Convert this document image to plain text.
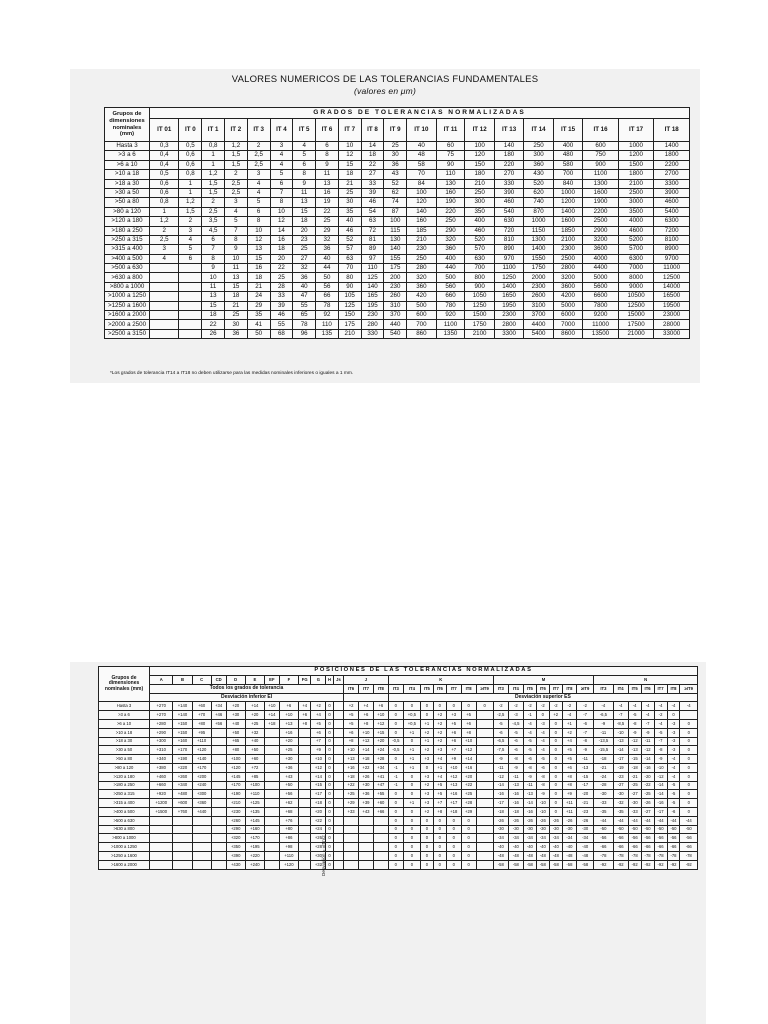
VALORES NUMERICOS DE LAS TOLERANCIAS FUNDAMENTALES
(valores en μm)
Grupos de dimensiones nominales (mm)	GRADOS DE TOLERANCIAS NORMALIZADAS																			
	IT 01	IT 0	IT 1	IT 2	IT 3	IT 4	IT 5	IT 6	IT 7	IT 8	IT 9	IT 10	IT 11	IT 12	IT 13	IT 14	IT 15	IT 16	IT 17	IT 18
Hasta 3	0,3	0,5	0,8	1,2	2	3	4	6	10	14	25	40	60	100	140	250	400	600	1000	1400
>3 a 6	0,4	0,6	1	1,5	2,5	4	5	8	12	18	30	48	75	120	180	300	480	750	1200	1800
>6 a 10	0,4	0,6	1	1,5	2,5	4	6	9	15	22	36	58	90	150	220	360	580	900	1500	2200
>10 a 18	0,5	0,8	1,2	2	3	5	8	11	18	27	43	70	110	180	270	430	700	1100	1800	2700
>18 a 30	0,6	1	1,5	2,5	4	6	9	13	21	33	52	84	130	210	330	520	840	1300	2100	3300
>30 a 50	0,6	1	1,5	2,5	4	7	11	16	25	39	62	100	160	250	390	620	1000	1600	2500	3900
>50 a 80	0,8	1,2	2	3	5	8	13	19	30	46	74	120	190	300	460	740	1200	1900	3000	4600
>80 a 120	1	1,5	2,5	4	6	10	15	22	35	54	87	140	220	350	540	870	1400	2200	3500	5400
>120 a 180	1,2	2	3,5	5	8	12	18	25	40	63	100	160	250	400	630	1000	1600	2500	4000	6300
>180 a 250	2	3	4,5	7	10	14	20	29	46	72	115	185	290	460	720	1150	1850	2900	4600	7200
>250 a 315	2,5	4	6	8	12	16	23	32	52	81	130	210	320	520	810	1300	2100	3200	5200	8100
>315 a 400	3	5	7	9	13	18	25	36	57	89	140	230	360	570	890	1400	2300	3600	5700	8900
>400 a 500	4	6	8	10	15	20	27	40	63	97	155	250	400	630	970	1550	2500	4000	6300	9700
>500 a 630			9	11	16	22	32	44	70	110	175	280	440	700	1100	1750	2800	4400	7000	11000
>630 a 800			10	13	18	25	36	50	80	125	200	320	500	800	1250	2000	3200	5000	8000	12500
>800 a 1000			11	15	21	28	40	56	90	140	230	360	560	900	1400	2300	3600	5600	9000	14000
>1000 a 1250			13	18	24	33	47	66	105	165	260	420	660	1050	1650	2600	4200	6600	10500	16500
>1250 a 1600			15	21	29	39	55	78	125	195	310	500	780	1250	1950	3100	5000	7800	12500	19500
>1600 a 2000			18	25	35	46	65	92	150	230	370	600	920	1500	2300	3700	6000	9200	15000	23000
>2000 a 2500			22	30	41	55	78	110	175	280	440	700	1100	1750	2800	4400	7000	11000	17500	28000
>2500 a 3150			26	36	50	68	96	135	210	330	540	860	1350	2100	3300	5400	8600	13500	21000	33000
*Los grados de tolerancia IT14 a IT18 no deben utilizarse para las medidas nominales inferiores o iguales a 1 mm.
Grupos de dimensiones nominales (mm)	POSICIONES DE LAS TOLERANCIAS NORMALIZADAS																																			
	A	B	C	CD	D	E	EF	F	FG	G	H	Js	J			K							M							N						
	Todos los grados de tolerancia												IT6	IT7	IT8	IT3	IT4	IT5	IT6	IT7	IT8	≥IT9	IT3	IT4	IT5	IT6	IT7	IT8	≥IT9	IT3	IT4	IT5	IT6	IT7	IT8	≥IT9
	Desviación inferior EI															Desviación superior ES																				
Hasta 3	+270	+140	+60	+34	+20	+14	+10	+6	+4	+2	0		+2	+4	+6	0	0	0	0	0	0	0	-2	-2	-2	-2	-2	-2	-2	-4	-4	-4	-4	-4	-4	-4
>3 a 6	+270	+140	+70	+46	+30	+20	+14	+10	+6	+4	0		+5	+6	+10	0	+0,5	0	+2	+3	+5		-2,5	-3	-1	0	+2	-4	-7	-6,5	-7	-5	-4	-2	0	
>6 a 10	+280	+150	+80	+56	+40	+25	+18	+13	+8	+5	0		+5	+8	+12	0	+0,5	+1	+2	+5	+6		-5	-4,5	-4	-3	0	+1	-6	-9	-8,5	-8	-7	-4	-3	0
>10 a 18	+290	+150	+95		+50	+32		+16		+6	0		+6	+10	+15	0	+1	+2	+2	+6	+8		-6	-5	-4	-4	0	+2	-7	-11	-10	-9	-9	-5	-3	0
>18 a 30	+300	+160	+110		+65	+40		+20		+7	0		+8	+12	+20	-0,5	0	+1	+2	+6	+10		-6,5	-6	-5	-4	0	+4	-8	-13,5	-13	-12	-11	-7	-3	0
>30 a 50	+310	+170	+120		+80	+50		+25		+9	0		+10	+14	+24	-0,5	+1	+2	+3	+7	+12		-7,5	-6	-5	-4	0	+5	-9	-15,5	-14	-13	-12	-8	-3	0
>50 a 80	+340	+190	+140		+100	+60		+30		+10	0		+13	+18	+28	0	+1	+3	+4	+9	+14		-9	-8	-6	-5	0	+5	-11	-18	-17	-15	-14	-9	-4	0
>80 a 120	+380	+220	+170		+120	+72		+36		+12	0		+16	+22	+34	-1	+1	0	+1	+10	+16		-11	-9	-8	-6	0	+6	-13	-21	-19	-18	-16	-10	-4	0
>120 a 180	+460	+260	+200		+145	+85		+43		+14	0		+18	+26	+41	-1	0	+3	+4	+12	+20		-12	-11	-9	-8	0	+8	-15	-24	-23	-21	-20	-12	-4	0
>180 a 250	+660	+340	+240		+170	+100		+50		+15	0		+22	+30	+47	-1	0	+2	+5	+13	+22		-14	-13	-11	-8	0	+8	-17	-28	-27	-25	-22	-14	-5	0
>250 a 315	+920	+480	+300		+190	+110		+56		+17	0		+25	+36	+55	0	0	+3	+5	+16	+25		-16	-16	-13	-9	0	+9	-20	-30	-30	-27	-25	-14	-5	0
>315 a 400	+1200	+600	+360		+210	+125		+62		+18	0		+29	+39	+60	0	+1	+3	+7	+17	+28		-17	-16	-14	-10	0	+11	-21	-33	-32	-30	-26	-16	-5	0
>400 a 500	+1500	+760	+440		+230	+135		+68		+20	0		+33	+43	+66	0	0	+2	+8	+18	+29		-18	-18	-16	-10	0	+11	-23	-35	-35	-33	-27	-17	-6	0
>500 a 630					+260	+145		+76		+22	0					0	0	0	0	0	0		-26	-26	-26	-26	-26	-26	-26	-44	-44	-44	-44	-44	-44	-44
>630 a 800					+290	+160		+80		+24	0					0	0	0	0	0	0		-30	-30	-30	-30	-30	-30	-30	-50	-50	-50	-50	-50	-50	-50
>800 a 1000					+320	+170		+86		+26	0					0	0	0	0	0	0		-34	-34	-34	-34	-34	-34	-34	-56	-56	-56	-56	-56	-56	-56
>1000 a 1250					+350	+195		+98		+28	0					0	0	0	0	0	0		-40	-40	-40	-40	-40	-40	-40	-66	-66	-66	-66	-66	-66	-66
>1250 a 1600					+390	+220		+110		+30	0					0	0	0	0	0	0		-48	-48	-48	-48	-48	-48	-48	-78	-78	-78	-78	-78	-78	-78
>1600 a 2000					+430	+240		+120		+32	0					0	0	0	0	0	0		-58	-58	-58	-58	-58	-58	-58	-92	-92	-92	-92	-92	-92	-92
Desviación = ±ITn/2
